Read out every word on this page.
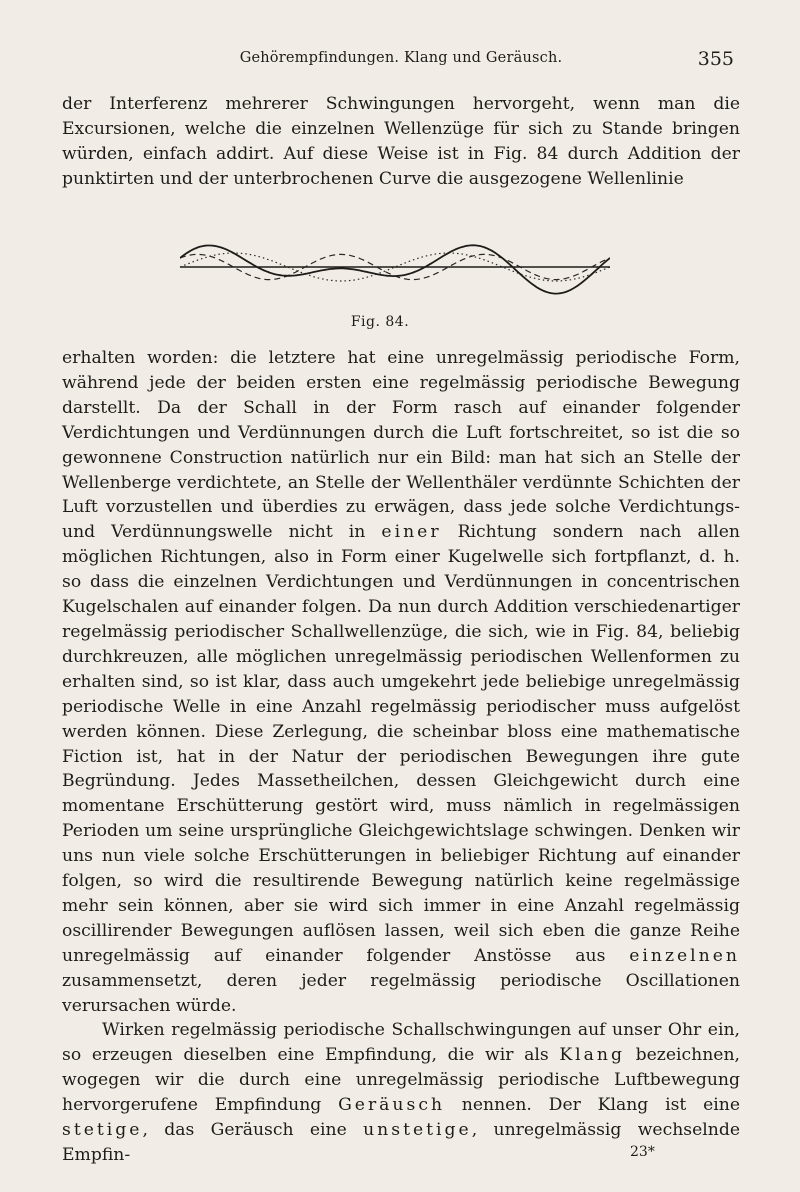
Gehörempfindungen. Klang und Geräusch.	355

der Interferenz mehrerer Schwingungen hervorgeht, wenn man die Excursionen, welche die einzelnen Wellenzüge für sich zu Stande bringen würden, einfach addirt. Auf diese Weise ist in Fig. 84 durch Addition der punktirten und der unterbrochenen Curve die ausgezogene Wellenlinie

Fig. 84.

erhalten worden: die letztere hat eine unregelmässig periodische Form, während jede der beiden ersten eine regelmässig periodische Bewegung darstellt. Da der Schall in der Form rasch auf einander folgender Verdichtungen und Verdünnungen durch die Luft fortschreitet, so ist die so gewonnene Construction natürlich nur ein Bild: man hat sich an Stelle der Wellenberge verdichtete, an Stelle der Wellenthäler verdünnte Schichten der Luft vorzustellen und überdies zu erwägen, dass jede solche Verdichtungs- und Verdünnungswelle nicht in einer Richtung sondern nach allen möglichen Richtungen, also in Form einer Kugelwelle sich fortpflanzt, d. h. so dass die einzelnen Verdichtungen und Verdünnungen in concentrischen Kugelschalen auf einander folgen. Da nun durch Addition verschiedenartiger regelmässig periodischer Schallwellenzüge, die sich, wie in Fig. 84, beliebig durchkreuzen, alle möglichen unregelmässig periodischen Wellenformen zu erhalten sind, so ist klar, dass auch umgekehrt jede beliebige unregelmässig periodische Welle in eine Anzahl regelmässig periodischer muss aufgelöst werden können. Diese Zerlegung, die scheinbar bloss eine mathematische Fiction ist, hat in der Natur der periodischen Bewegungen ihre gute Begründung. Jedes Massetheilchen, dessen Gleichgewicht durch eine momentane Erschütterung gestört wird, muss nämlich in regelmässigen Perioden um seine ursprüngliche Gleichgewichtslage schwingen. Denken wir uns nun viele solche Erschütterungen in beliebiger Richtung auf einander folgen, so wird die resultirende Bewegung natürlich keine regelmässige mehr sein können, aber sie wird sich immer in eine Anzahl regelmässig oscillirender Bewegungen auflösen lassen, weil sich eben die ganze Reihe unregelmässig auf einander folgender Anstösse aus einzelnen zusammensetzt, deren jeder regelmässig periodische Oscillationen verursachen würde.

Wirken regelmässig periodische Schallschwingungen auf unser Ohr ein, so erzeugen dieselben eine Empfindung, die wir als Klang bezeichnen, wogegen wir die durch eine unregelmässig periodische Luftbewegung hervorgerufene Empfindung Geräusch nennen. Der Klang ist eine stetige, das Geräusch eine unstetige, unregelmässig wechselnde Empfin-	23*
